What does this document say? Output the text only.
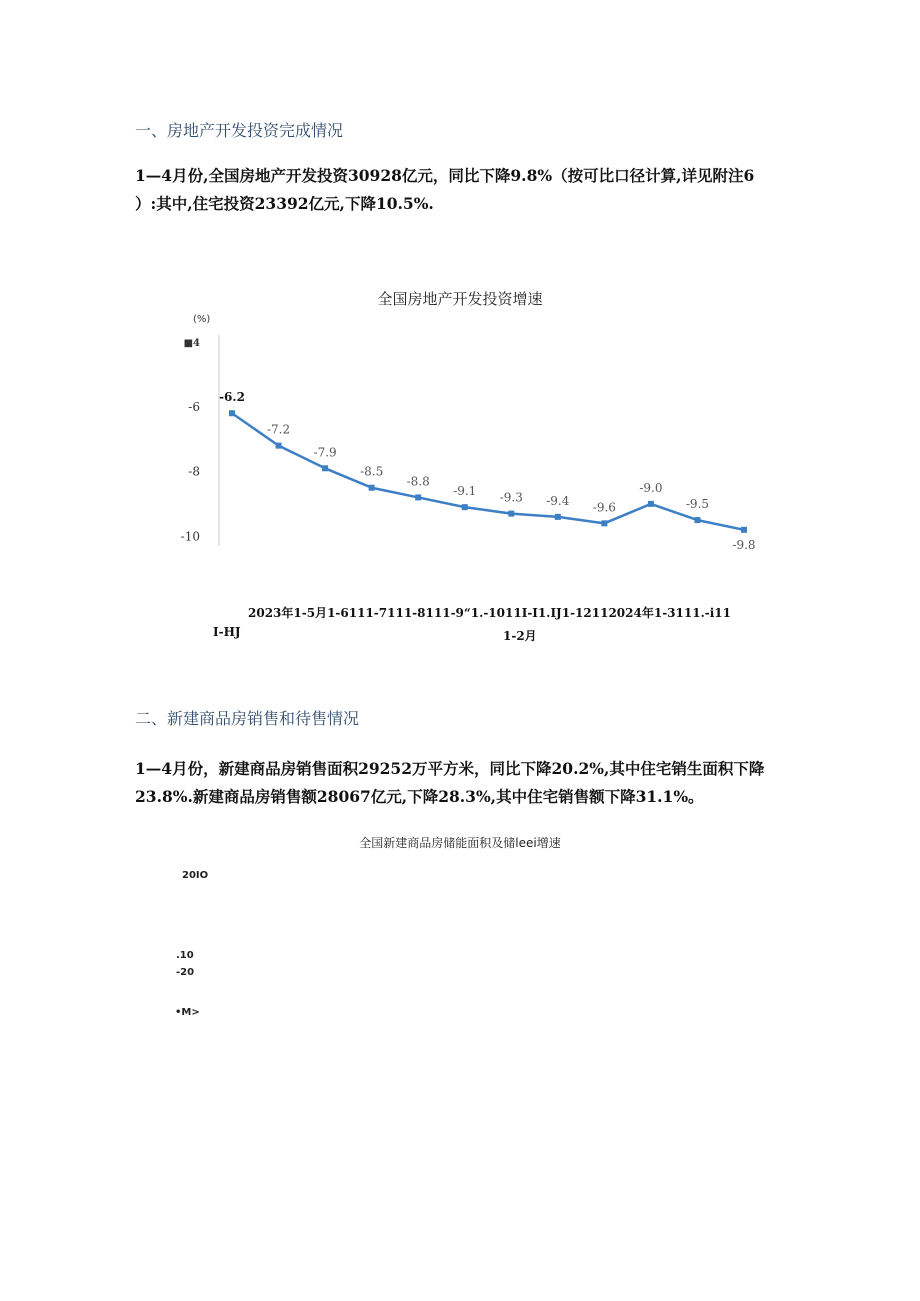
一、房地产开发投资完成情况

1—4月份,全国房地产开发投资30928亿元，同比下降9.8%（按可比口径计算,详见附注6

）:其中,住宅投资23392亿元,下降10.5%.

全国房地产开发投资增速
(%)
■4
-6
-8
-10
-6.2
-7.2
-7.9
-8.5
-8.8
-9.1 -9.3 -9.4 -9.6
-9.0
-9.5
-9.8
2023年1-5月1-6111-7111-8111-9“1.-1011I-I1.IJ1-12112024年1-3111.-i11
I-HJ	1-2月
二、新建商品房销售和待售情况

1—4月份，新建商品房销售面积29252万平方米，同比下降20.2%,其中住宅销生面积下降

23.8%.新建商品房销售额28067亿元,下降28.3%,其中住宅销售额下降31.1%。

全国新建商品房储能面积及储leei增速
20IO
.10
-20
•M>
